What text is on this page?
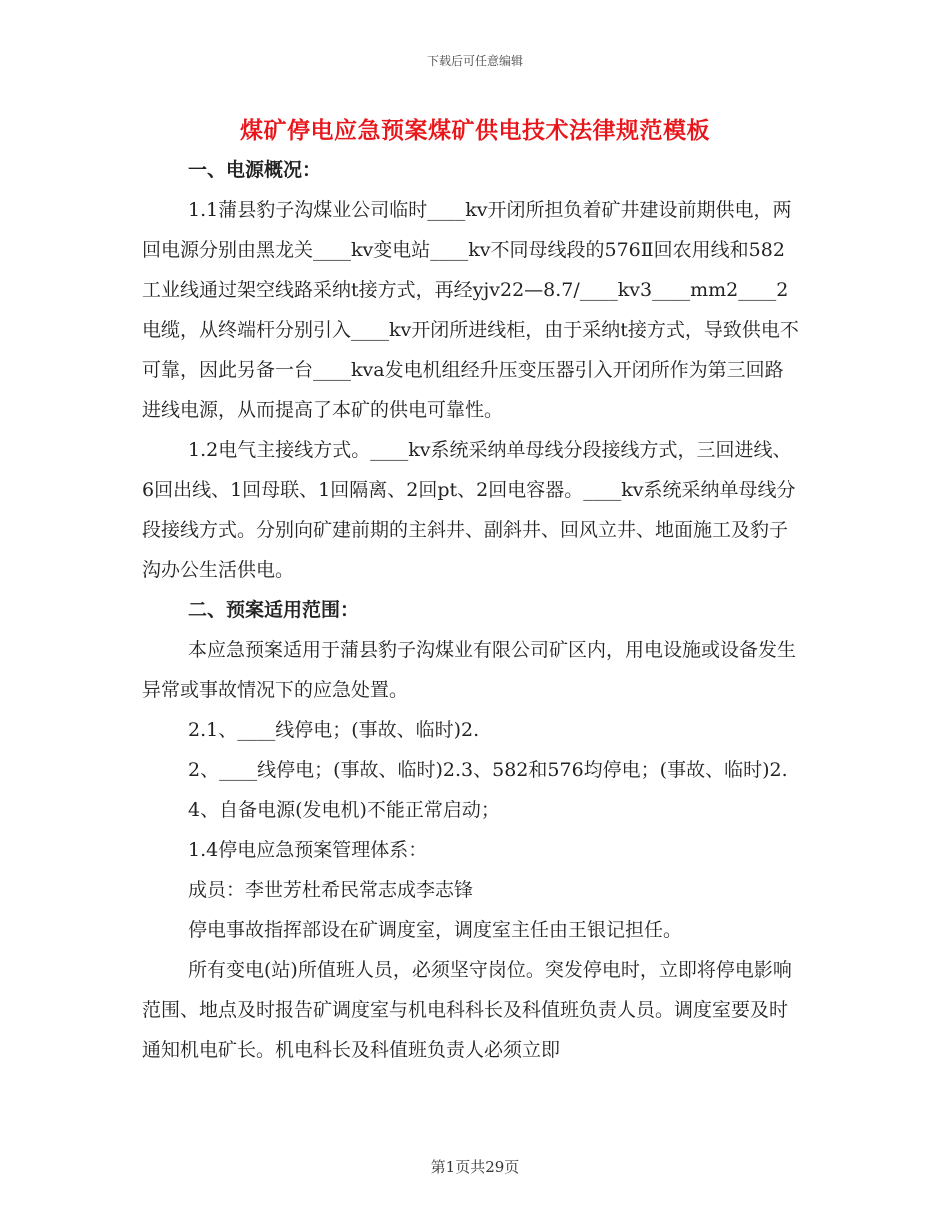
下载后可任意编辑
煤矿停电应急预案煤矿供电技术法律规范模板

一、电源概况：

1.1蒲县豹子沟煤业公司临时____kv开闭所担负着矿井建设前期供电，两回电源分别由黑龙关____kv变电站____kv不同母线段的576Ⅱ回农用线和582工业线通过架空线路采纳t接方式，再经yjv22—8.7/____kv3____mm2____2电缆，从终端杆分别引入____kv开闭所进线柜，由于采纳t接方式，导致供电不可靠，因此另备一台____kva发电机组经升压变压器引入开闭所作为第三回路进线电源，从而提高了本矿的供电可靠性。

1.2电气主接线方式。____kv系统采纳单母线分段接线方式，三回进线、6回出线、1回母联、1回隔离、2回pt、2回电容器。____kv系统采纳单母线分段接线方式。分别向矿建前期的主斜井、副斜井、回风立井、地面施工及豹子沟办公生活供电。

二、预案适用范围：

本应急预案适用于蒲县豹子沟煤业有限公司矿区内，用电设施或设备发生异常或事故情况下的应急处置。

2.1、____线停电；(事故、临时)2.

2、____线停电；(事故、临时)2.3、582和576均停电；(事故、临时)2.

4、自备电源(发电机)不能正常启动；

1.4停电应急预案管理体系：

成员：李世芳杜希民常志成李志锋

停电事故指挥部设在矿调度室，调度室主任由王银记担任。

所有变电(站)所值班人员，必须坚守岗位。突发停电时，立即将停电影响范围、地点及时报告矿调度室与机电科科长及科值班负责人员。调度室要及时通知机电矿长。机电科长及科值班负责人必须立即

第1页共29页
